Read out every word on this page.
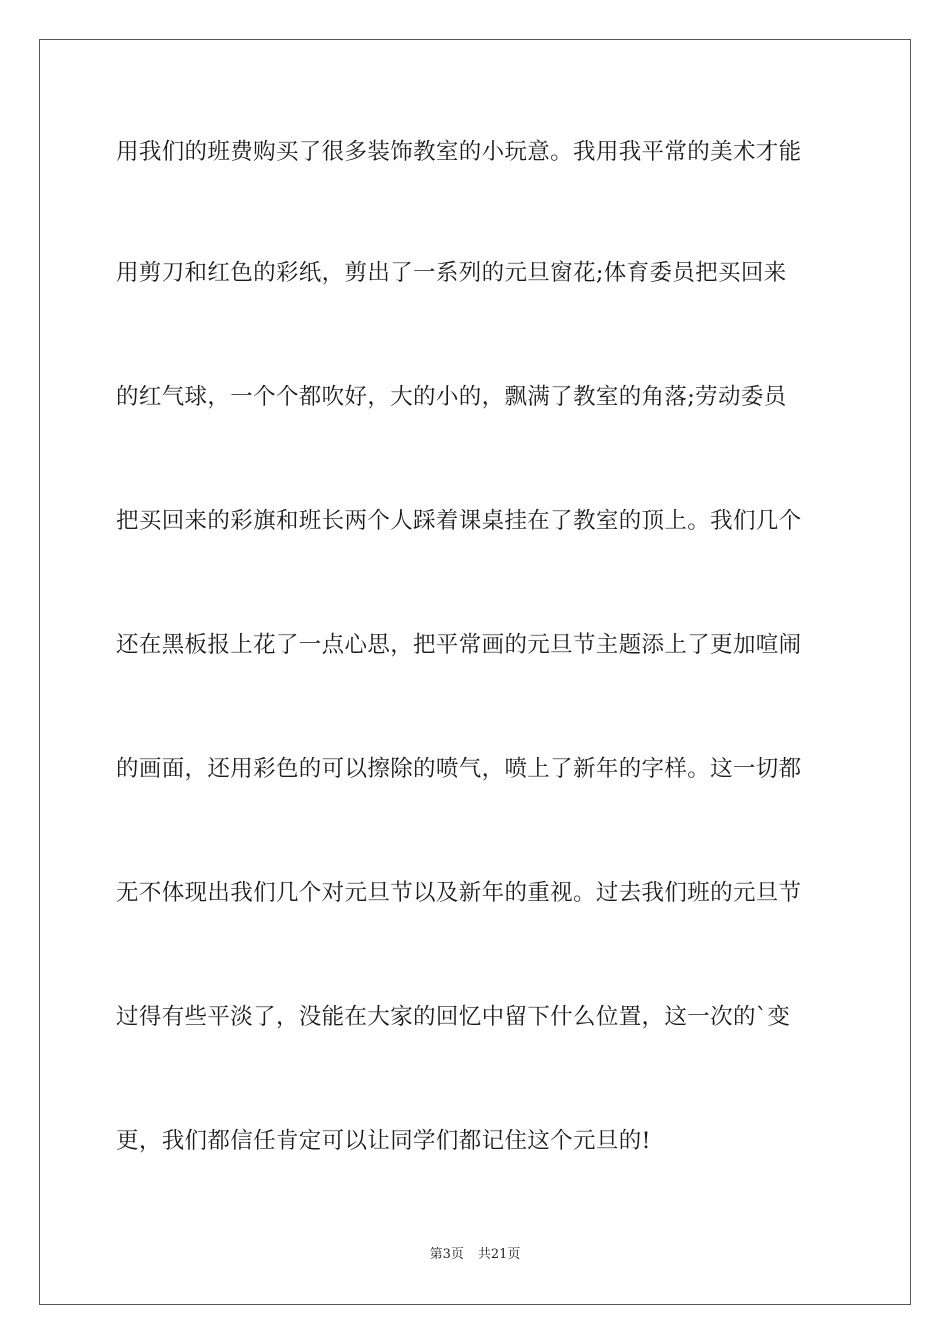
用我们的班费购买了很多装饰教室的小玩意。我用我平常的美术才能
用剪刀和红色的彩纸，剪出了一系列的元旦窗花;体育委员把买回来
的红气球，一个个都吹好，大的小的，飘满了教室的角落;劳动委员
把买回来的彩旗和班长两个人踩着课桌挂在了教室的顶上。我们几个
还在黑板报上花了一点心思，把平常画的元旦节主题添上了更加喧闹
的画面，还用彩色的可以擦除的喷气，喷上了新年的字样。这一切都
无不体现出我们几个对元旦节以及新年的重视。过去我们班的元旦节
过得有些平淡了，没能在大家的回忆中留下什么位置，这一次的`变
更，我们都信任肯定可以让同学们都记住这个元旦的!
第3页 共21页
